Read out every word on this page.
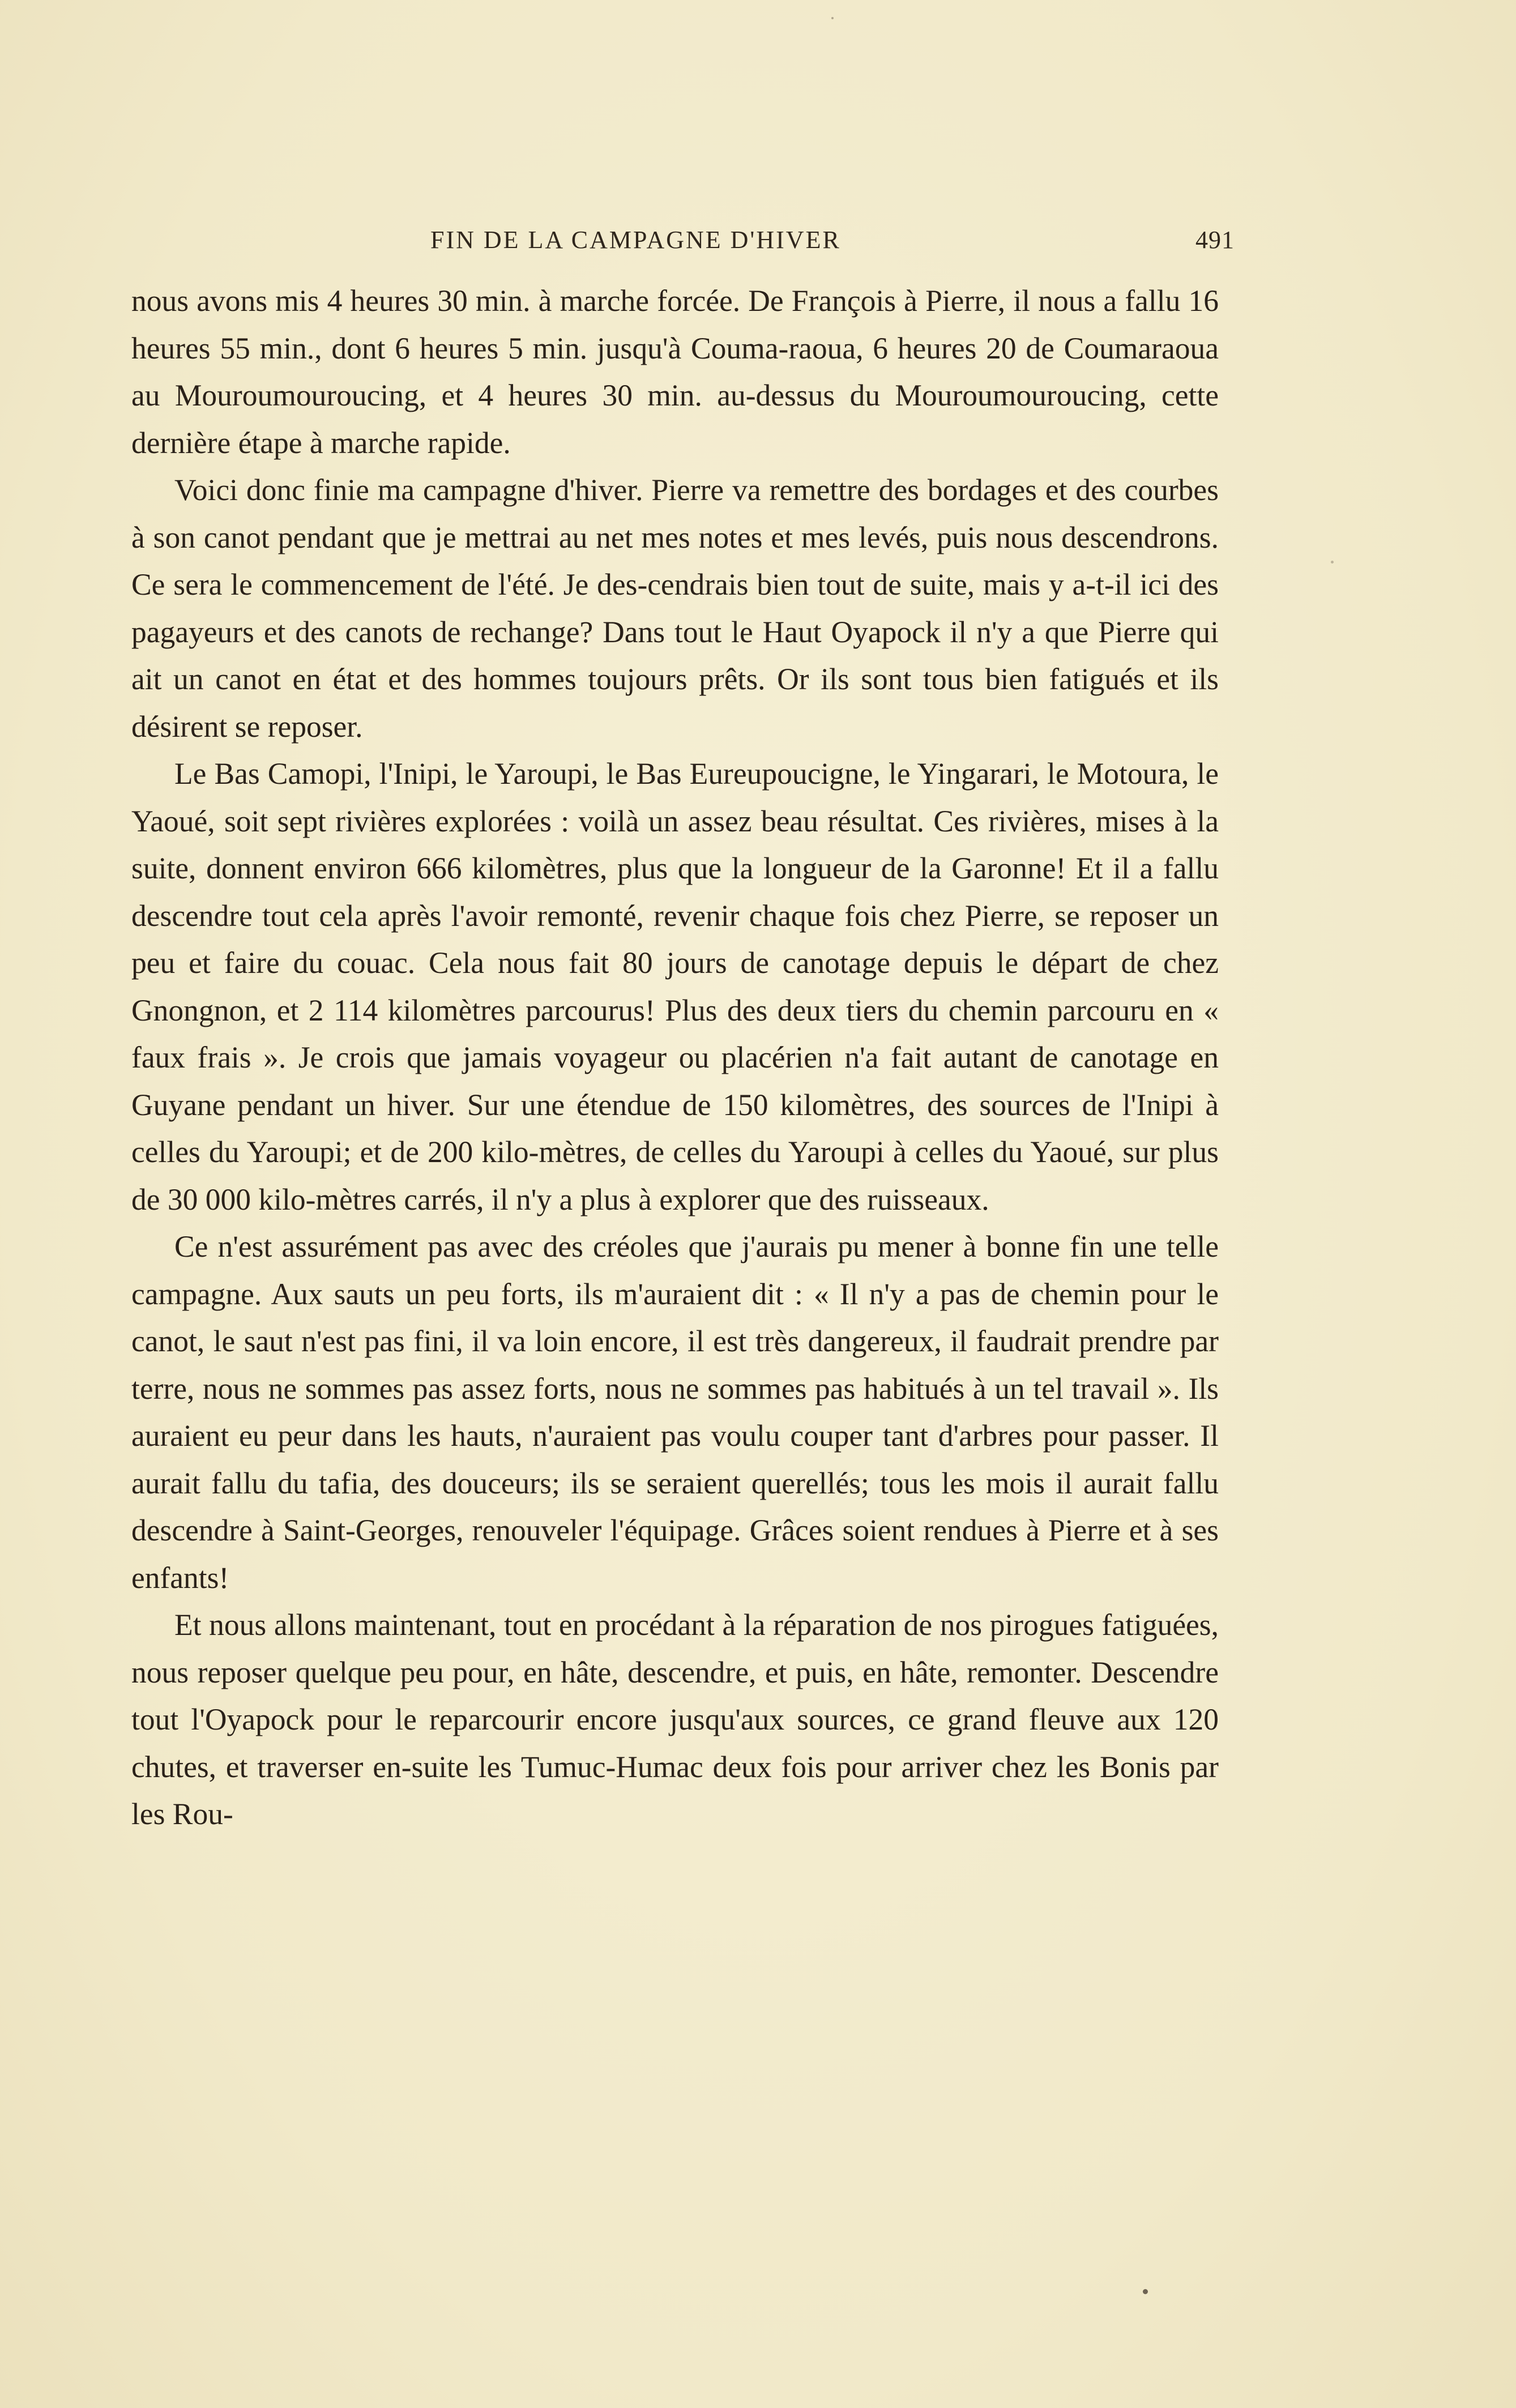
FIN DE LA CAMPAGNE D'HIVER	491

nous avons mis 4 heures 30 min. à marche forcée. De François à Pierre, il nous a fallu 16 heures 55 min., dont 6 heures 5 min. jusqu'à Couma-raoua, 6 heures 20 de Coumaraoua au Mouroumouroucing, et 4 heures 30 min. au-dessus du Mouroumouroucing, cette dernière étape à marche rapide.

Voici donc finie ma campagne d'hiver. Pierre va remettre des bordages et des courbes à son canot pendant que je mettrai au net mes notes et mes levés, puis nous descendrons. Ce sera le commencement de l'été. Je des-cendrais bien tout de suite, mais y a-t-il ici des pagayeurs et des canots de rechange? Dans tout le Haut Oyapock il n'y a que Pierre qui ait un canot en état et des hommes toujours prêts. Or ils sont tous bien fatigués et ils désirent se reposer.

Le Bas Camopi, l'Inipi, le Yaroupi, le Bas Eureupoucigne, le Yingarari, le Motoura, le Yaoué, soit sept rivières explorées : voilà un assez beau résultat. Ces rivières, mises à la suite, donnent environ 666 kilomètres, plus que la longueur de la Garonne! Et il a fallu descendre tout cela après l'avoir remonté, revenir chaque fois chez Pierre, se reposer un peu et faire du couac. Cela nous fait 80 jours de canotage depuis le départ de chez Gnongnon, et 2 114 kilomètres parcourus! Plus des deux tiers du chemin parcouru en « faux frais ». Je crois que jamais voyageur ou placérien n'a fait autant de canotage en Guyane pendant un hiver. Sur une étendue de 150 kilomètres, des sources de l'Inipi à celles du Yaroupi; et de 200 kilo-mètres, de celles du Yaroupi à celles du Yaoué, sur plus de 30 000 kilo-mètres carrés, il n'y a plus à explorer que des ruisseaux.

Ce n'est assurément pas avec des créoles que j'aurais pu mener à bonne fin une telle campagne. Aux sauts un peu forts, ils m'auraient dit : « Il n'y a pas de chemin pour le canot, le saut n'est pas fini, il va loin encore, il est très dangereux, il faudrait prendre par terre, nous ne sommes pas assez forts, nous ne sommes pas habitués à un tel travail ». Ils auraient eu peur dans les hauts, n'auraient pas voulu couper tant d'arbres pour passer. Il aurait fallu du tafia, des douceurs; ils se seraient querellés; tous les mois il aurait fallu descendre à Saint-Georges, renouveler l'équipage. Grâces soient rendues à Pierre et à ses enfants!

Et nous allons maintenant, tout en procédant à la réparation de nos pirogues fatiguées, nous reposer quelque peu pour, en hâte, descendre, et puis, en hâte, remonter. Descendre tout l'Oyapock pour le reparcourir encore jusqu'aux sources, ce grand fleuve aux 120 chutes, et traverser en-suite les Tumuc-Humac deux fois pour arriver chez les Bonis par les Rou-
